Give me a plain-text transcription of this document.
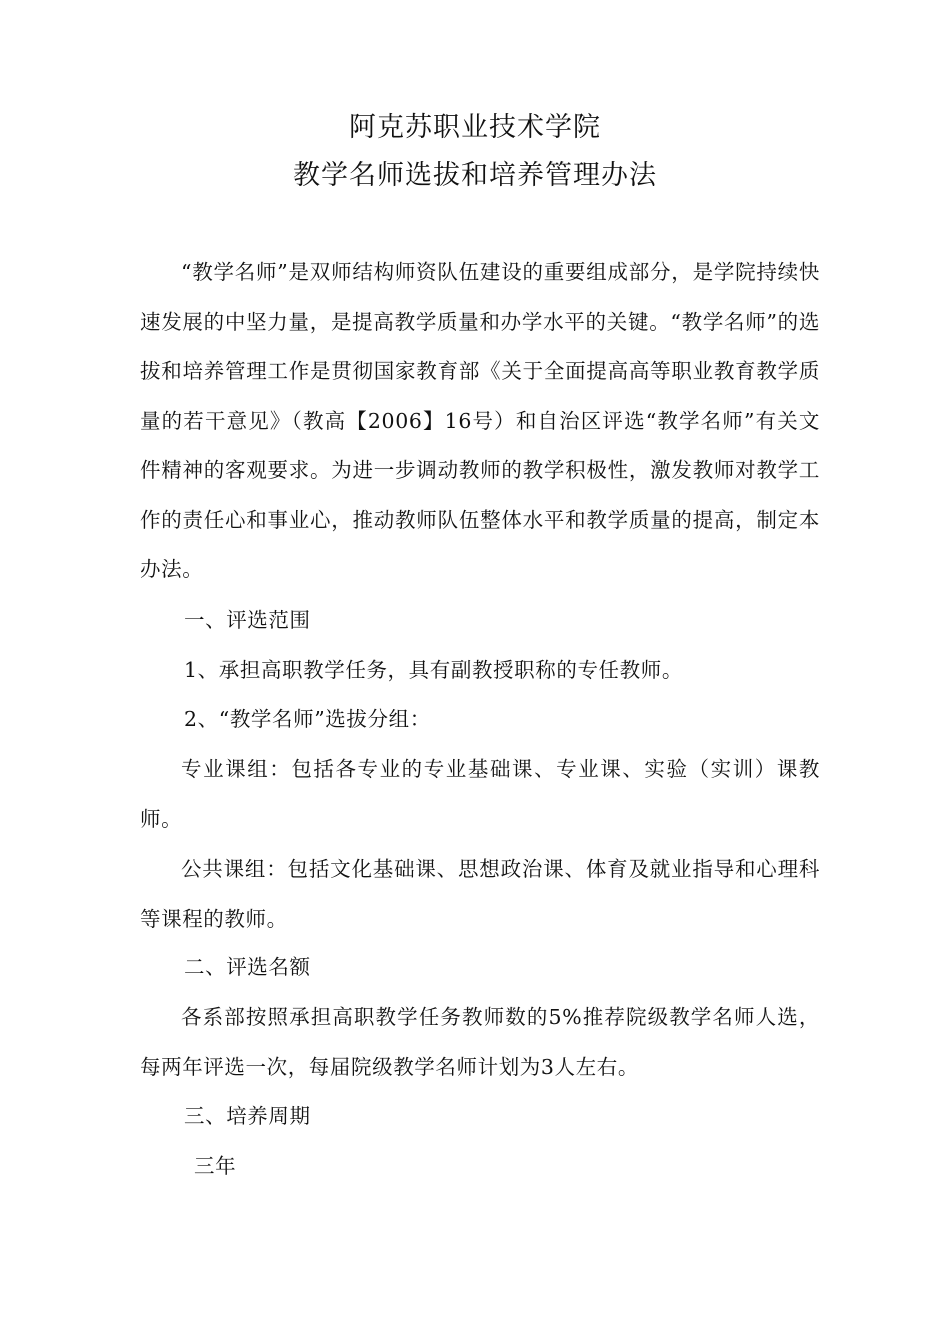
阿克苏职业技术学院
教学名师选拔和培养管理办法

“教学名师”是双师结构师资队伍建设的重要组成部分，是学院持续快速发展的中坚力量，是提高教学质量和办学水平的关键。“教学名师”的选拔和培养管理工作是贯彻国家教育部《关于全面提高高等职业教育教学质量的若干意见》（教高【2006】16号）和自治区评选“教学名师”有关文件精神的客观要求。为进一步调动教师的教学积极性，激发教师对教学工作的责任心和事业心，推动教师队伍整体水平和教学质量的提高，制定本办法。

一、评选范围

1、承担高职教学任务，具有副教授职称的专任教师。

2、“教学名师”选拔分组：

专业课组：包括各专业的专业基础课、专业课、实验（实训）课教师。

公共课组：包括文化基础课、思想政治课、体育及就业指导和心理科等课程的教师。

二、评选名额

各系部按照承担高职教学任务教师数的5%推荐院级教学名师人选，每两年评选一次，每届院级教学名师计划为3人左右。

三、培养周期

三年
